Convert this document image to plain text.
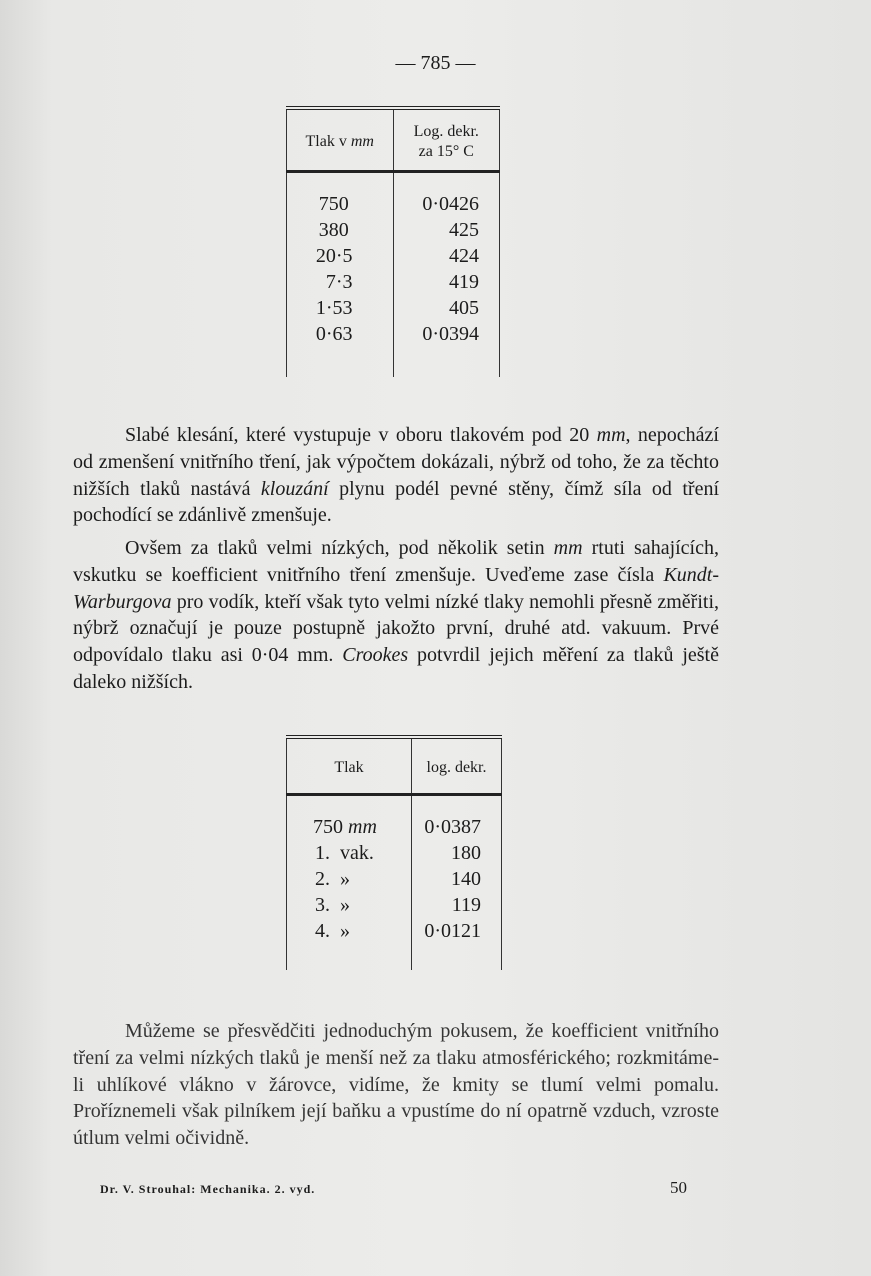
— 785 —

Tlak v mm	Log. dekr.
za 15° C

750	0·0426
380	425
20·5	424
7·3	419
1·53	405
0·63	0·0394

Slabé klesání, které vystupuje v oboru tlakovém pod 20 mm, nepochází od zmenšení vnitřního tření, jak výpočtem dokázali, nýbrž od toho, že za těchto nižších tlaků nastává klouzání plynu podél pevné stěny, čímž síla od tření pochodící se zdánlivě zmenšuje.
Ovšem za tlaků velmi nízkých, pod několik setin mm rtuti sahajících, vskutku se koefficient vnitřního tření zmenšuje. Uveďeme zase čísla Kundt-Warburgova pro vodík, kteří však tyto velmi nízké tlaky nemohli přesně změřiti, nýbrž označují je pouze postupně jakožto první, druhé atd. vakuum. Prvé odpovídalo tlaku asi 0·04 mm. Crookes potvrdil jejich měření za tlaků ještě daleko nižších.

Tlak	log. dekr.

750 mm	0·0387
1.  vak.	180
2.  »	140
3.  »	119
4.  »	0·0121

Můžeme se přesvědčiti jednoduchým pokusem, že koefficient vnitřního tření za velmi nízkých tlaků je menší než za tlaku atmosférického; rozkmitáme-li uhlíkové vlákno v žárovce, vidíme, že kmity se tlumí velmi pomalu. Proříznemeli však pilníkem její baňku a vpustíme do ní opatrně vzduch, vzroste útlum velmi očividně.
Dr. V. Strouhal: Mechanika. 2. vyd.	50
